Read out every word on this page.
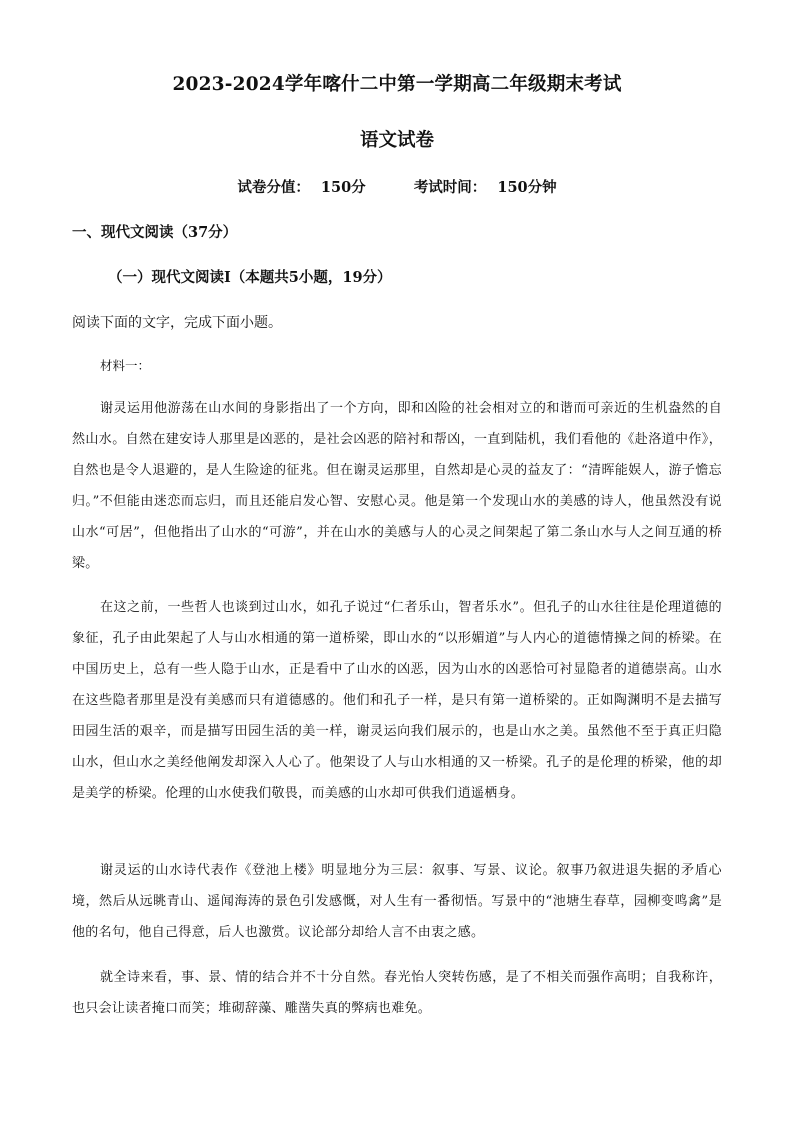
2023-2024学年喀什二中第一学期高二年级期末考试
语文试卷
试卷分值： 150分	考试时间： 150分钟
一、现代文阅读（37分）
（一）现代文阅读Ⅰ（本题共5小题，19分）
阅读下面的文字，完成下面小题。
材料一：
谢灵运用他游荡在山水间的身影指出了一个方向，即和凶险的社会相对立的和谐而可亲近的生机盎然的自然山水。自然在建安诗人那里是凶恶的，是社会凶恶的陪衬和帮凶，一直到陆机，我们看他的《赴洛道中作》，自然也是令人退避的，是人生险途的征兆。但在谢灵运那里，自然却是心灵的益友了：“清晖能娱人，游子憺忘归。”不但能由迷恋而忘归，而且还能启发心智、安慰心灵。他是第一个发现山水的美感的诗人，他虽然没有说山水“可居”，但他指出了山水的“可游”，并在山水的美感与人的心灵之间架起了第二条山水与人之间互通的桥梁。
在这之前，一些哲人也谈到过山水，如孔子说过“仁者乐山，智者乐水”。但孔子的山水往往是伦理道德的象征，孔子由此架起了人与山水相通的第一道桥梁，即山水的“以形媚道”与人内心的道德情操之间的桥梁。在中国历史上，总有一些人隐于山水，正是看中了山水的凶恶，因为山水的凶恶恰可衬显隐者的道德崇高。山水在这些隐者那里是没有美感而只有道德感的。他们和孔子一样，是只有第一道桥梁的。正如陶渊明不是去描写田园生活的艰辛，而是描写田园生活的美一样，谢灵运向我们展示的，也是山水之美。虽然他不至于真正归隐山水，但山水之美经他阐发却深入人心了。他架设了人与山水相通的又一桥梁。孔子的是伦理的桥梁，他的却是美学的桥梁。伦理的山水使我们敬畏，而美感的山水却可供我们逍遥栖身。
谢灵运的山水诗代表作《登池上楼》明显地分为三层：叙事、写景、议论。叙事乃叙进退失据的矛盾心境，然后从远眺青山、遥闻海涛的景色引发感慨，对人生有一番彻悟。写景中的“池塘生春草，园柳变鸣禽”是他的名句，他自己得意，后人也激赏。议论部分却给人言不由衷之感。
就全诗来看，事、景、情的结合并不十分自然。春光怡人突转伤感，是了不相关而强作高明；自我称许，也只会让读者掩口而笑；堆砌辞藻、雕凿失真的弊病也难免。
